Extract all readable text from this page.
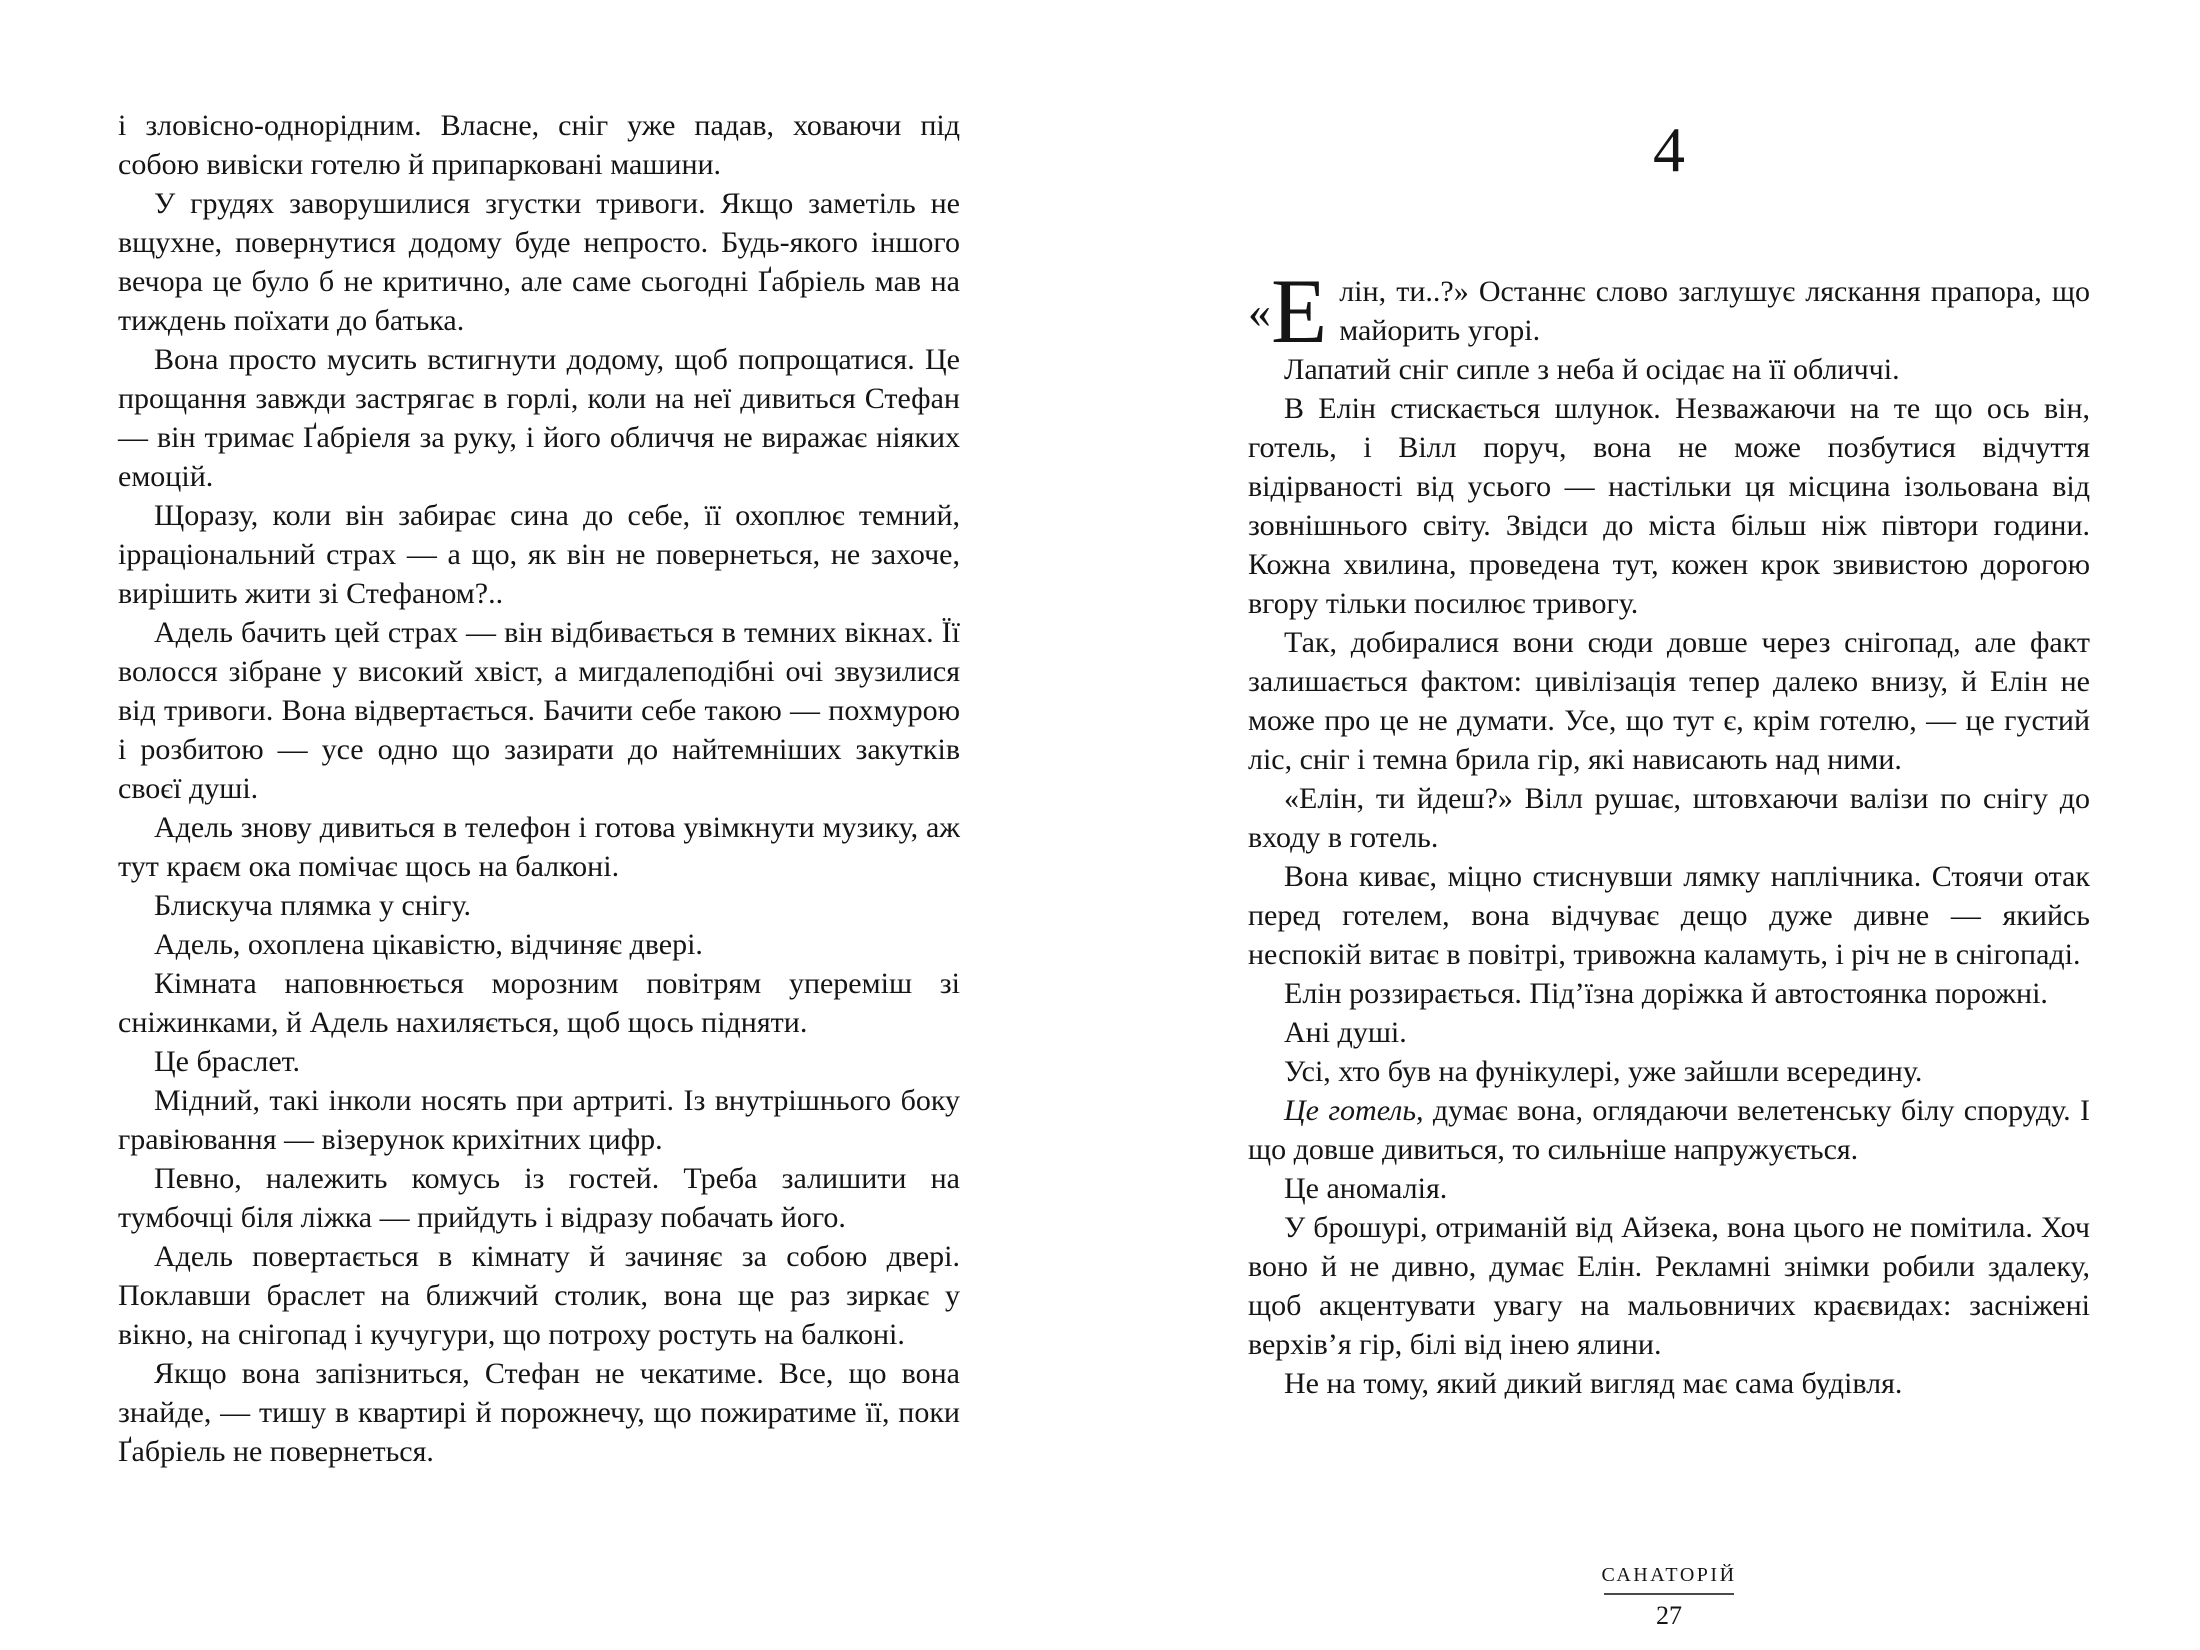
і зловісно-однорідним. Власне, сніг уже падав, ховаючи під собою вивіски готелю й припарковані машини.

У грудях заворушилися згустки тривоги. Якщо заметіль не вщухне, повернутися додому буде непросто. Будь-якого іншого вечора це було б не критично, але саме сьогодні Ґабріель мав на тиждень поїхати до батька.

Вона просто мусить встигнути додому, щоб попрощатися. Це прощання завжди застрягає в горлі, коли на неї дивиться Стефан — він тримає Ґабріеля за руку, і його обличчя не виражає ніяких емоцій.

Щоразу, коли він забирає сина до себе, її охоплює темний, ірраціональний страх — а що, як він не повернеться, не захоче, вирішить жити зі Стефаном?..

Адель бачить цей страх — він відбивається в темних вікнах. Її волосся зібране у високий хвіст, а мигдалеподібні очі звузилися від тривоги. Вона відвертається. Бачити себе такою — похмурою і розбитою — усе одно що зазирати до найтемніших закутків своєї душі.

Адель знову дивиться в телефон і готова увімкнути музику, аж тут краєм ока помічає щось на балконі.

Блискуча плямка у снігу.

Адель, охоплена цікавістю, відчиняє двері.

Кімната наповнюється морозним повітрям упереміш зі сніжинками, й Адель нахиляється, щоб щось підняти.

Це браслет.

Мідний, такі інколи носять при артриті. Із внутрішнього боку гравіювання — візерунок крихітних цифр.

Певно, належить комусь із гостей. Треба залишити на тумбочці біля ліжка — прийдуть і відразу побачать його.

Адель повертається в кімнату й зачиняє за собою двері. Поклавши браслет на ближчий столик, вона ще раз зиркає у вікно, на снігопад і кучугури, що потроху ростуть на балконі.

Якщо вона запізниться, Стефан не чекатиме. Все, що вона знайде, — тишу в квартирі й порожнечу, що пожиратиме її, поки Ґабріель не повернеться.

4

« Е лін, ти..?» Останнє слово заглушує ляскання прапора, що майорить угорі.

Лапатий сніг сипле з неба й осідає на її обличчі.

В Елін стискається шлунок. Незважаючи на те що ось він, готель, і Вілл поруч, вона не може позбутися відчуття відірваності від усього — настільки ця місцина ізольована від зовнішнього світу. Звідси до міста більш ніж півтори години. Кожна хвилина, проведена тут, кожен крок звивистою дорогою вгору тільки посилює тривогу.

Так, добиралися вони сюди довше через снігопад, але факт залишається фактом: цивілізація тепер далеко внизу, й Елін не може про це не думати. Усе, що тут є, крім готелю, — це густий ліс, сніг і темна брила гір, які нависають над ними.

«Елін, ти йдеш?» Вілл рушає, штовхаючи валізи по снігу до входу в готель.

Вона киває, міцно стиснувши лямку наплічника. Стоячи отак перед готелем, вона відчуває дещо дуже дивне — якийсь неспокій витає в повітрі, тривожна каламуть, і річ не в снігопаді.

Елін роззирається. Під’їзна доріжка й автостоянка порожні.

Ані душі.

Усі, хто був на фунікулері, уже зайшли всередину.

Це готель, думає вона, оглядаючи велетенську білу споруду. І що довше дивиться, то сильніше напружується.

Це аномалія.

У брошурі, отриманій від Айзека, вона цього не помітила. Хоч воно й не дивно, думає Елін. Рекламні знімки робили здалеку, щоб акцентувати увагу на мальовничих краєвидах: засніжені верхів’я гір, білі від інею ялини.

Не на тому, який дикий вигляд має сама будівля.

САНАТОРІЙ
27
